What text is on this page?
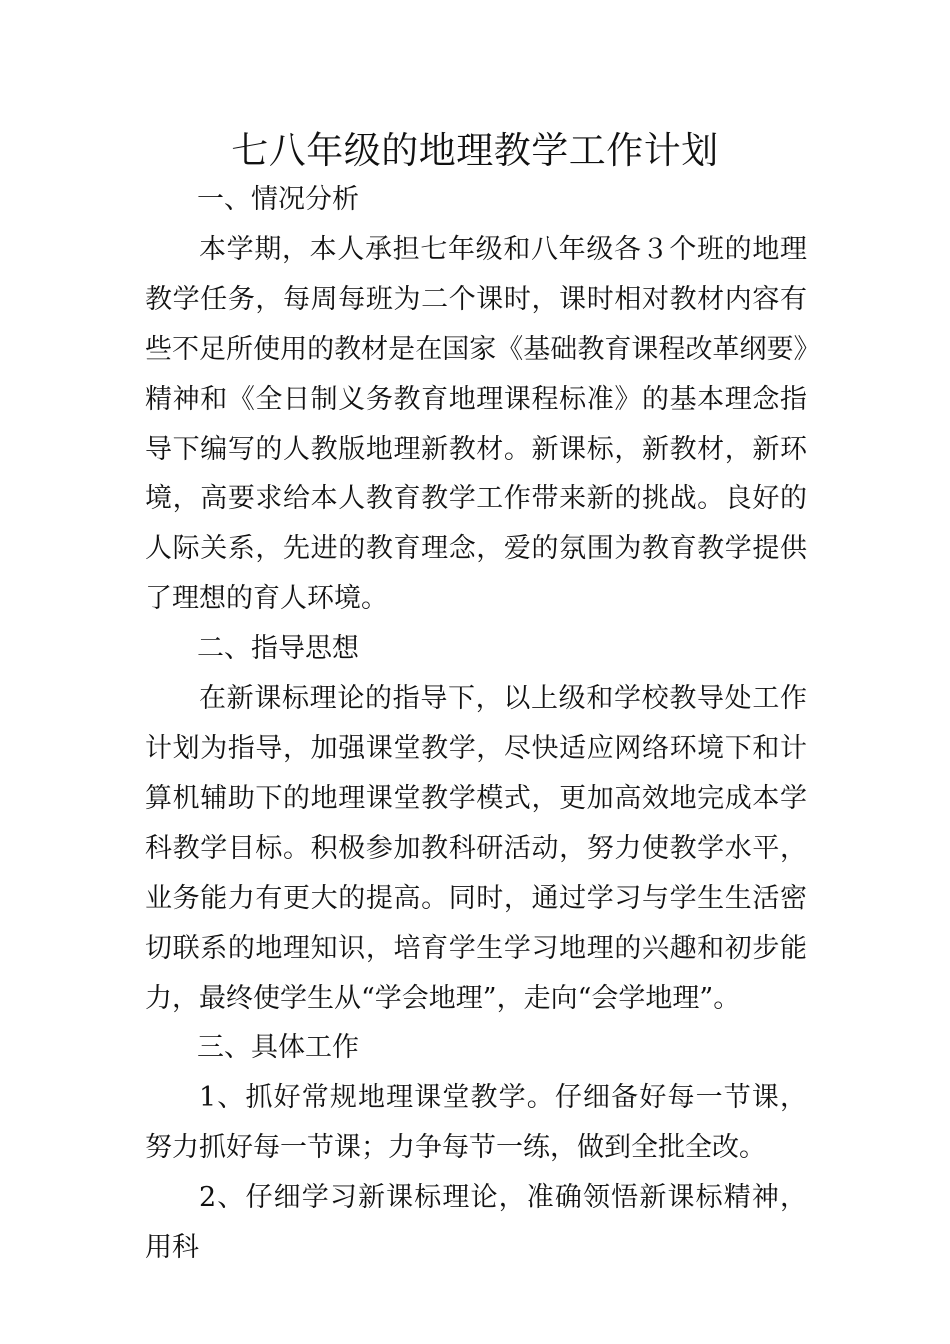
七八年级的地理教学工作计划
一、情况分析

本学期，本人承担七年级和八年级各３个班的地理教学任务，每周每班为二个课时，课时相对教材内容有些不足所使用的教材是在国家《基础教育课程改革纲要》精神和《全日制义务教育地理课程标准》的基本理念指导下编写的人教版地理新教材。新课标，新教材，新环境，高要求给本人教育教学工作带来新的挑战。良好的人际关系，先进的教育理念，爱的氛围为教育教学提供了理想的育人环境。

二、指导思想

在新课标理论的指导下，以上级和学校教导处工作计划为指导，加强课堂教学，尽快适应网络环境下和计算机辅助下的地理课堂教学模式，更加高效地完成本学科教学目标。积极参加教科研活动，努力使教学水平，业务能力有更大的提高。同时，通过学习与学生生活密切联系的地理知识，培育学生学习地理的兴趣和初步能力，最终使学生从“学会地理”，走向“会学地理”。

三、具体工作

1、抓好常规地理课堂教学。仔细备好每一节课，努力抓好每一节课；力争每节一练，做到全批全改。

2、仔细学习新课标理论，准确领悟新课标精神，用科
